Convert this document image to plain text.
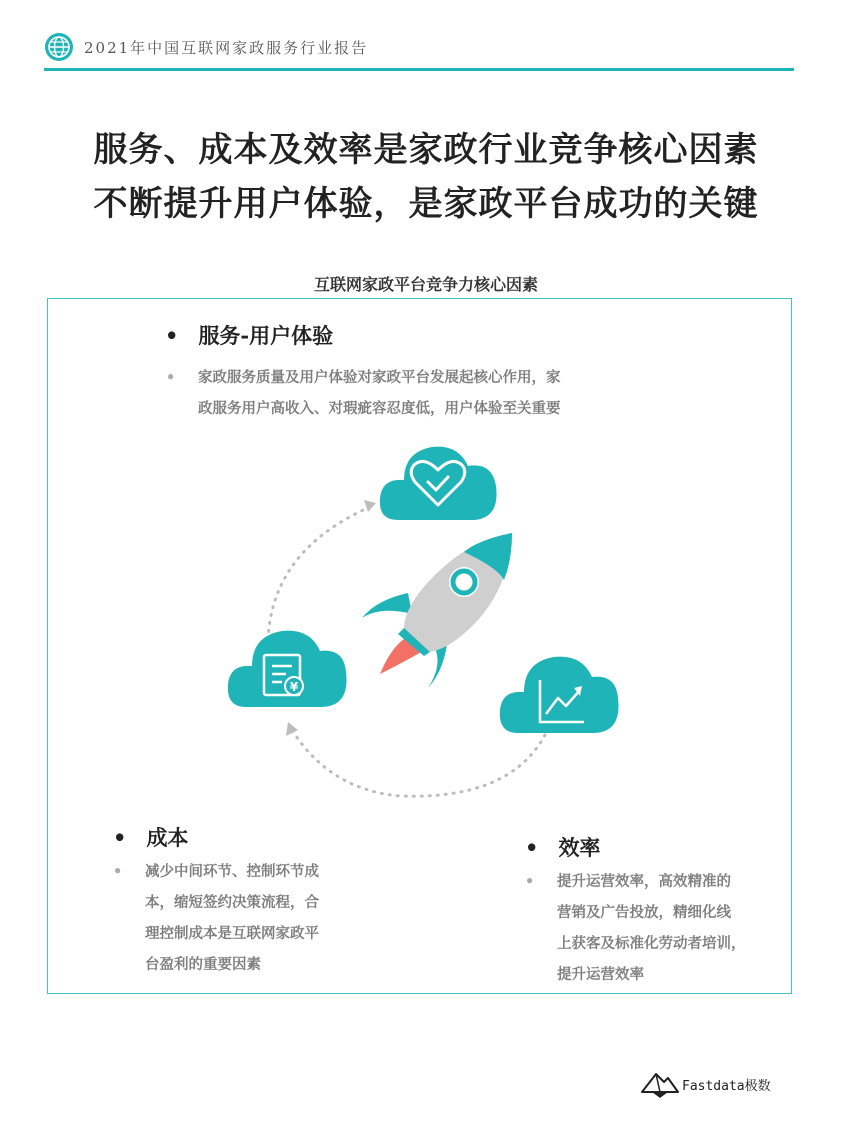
2021年中国互联网家政服务行业报告
服务、成本及效率是家政行业竞争核心因素
不断提升用户体验，是家政平台成功的关键
互联网家政平台竞争力核心因素
¥
• 服务-用户体验
• 家政服务质量及用户体验对家政平台发展起核心作用，家
政服务用户高收入、对瑕疵容忍度低，用户体验至关重要
• 成本
• 减少中间环节、控制环节成
本，缩短签约决策流程，合
理控制成本是互联网家政平
台盈利的重要因素
• 效率
• 提升运营效率，高效精准的
营销及广告投放，精细化线
上获客及标准化劳动者培训，
提升运营效率
Fastdata极数
